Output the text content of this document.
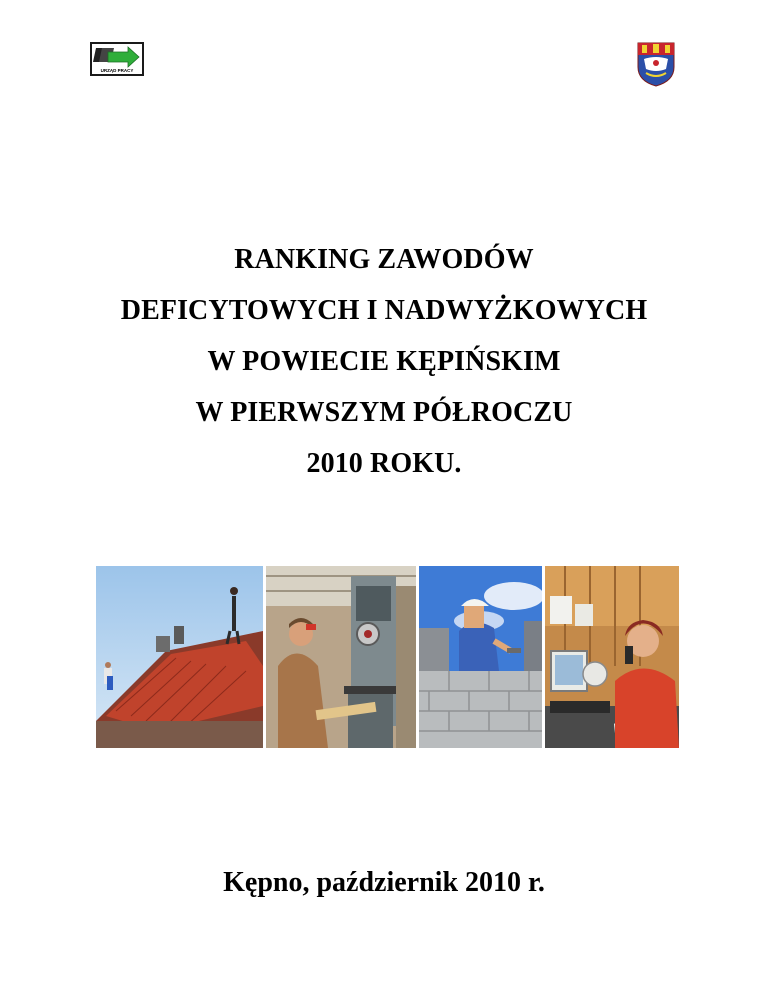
URZĄD PRACY
RANKING ZAWODÓW
DEFICYTOWYCH I NADWYŻKOWYCH
W POWIECIE KĘPIŃSKIM
W PIERWSZYM PÓŁROCZU
2010 ROKU.
Kępno, październik 2010 r.
